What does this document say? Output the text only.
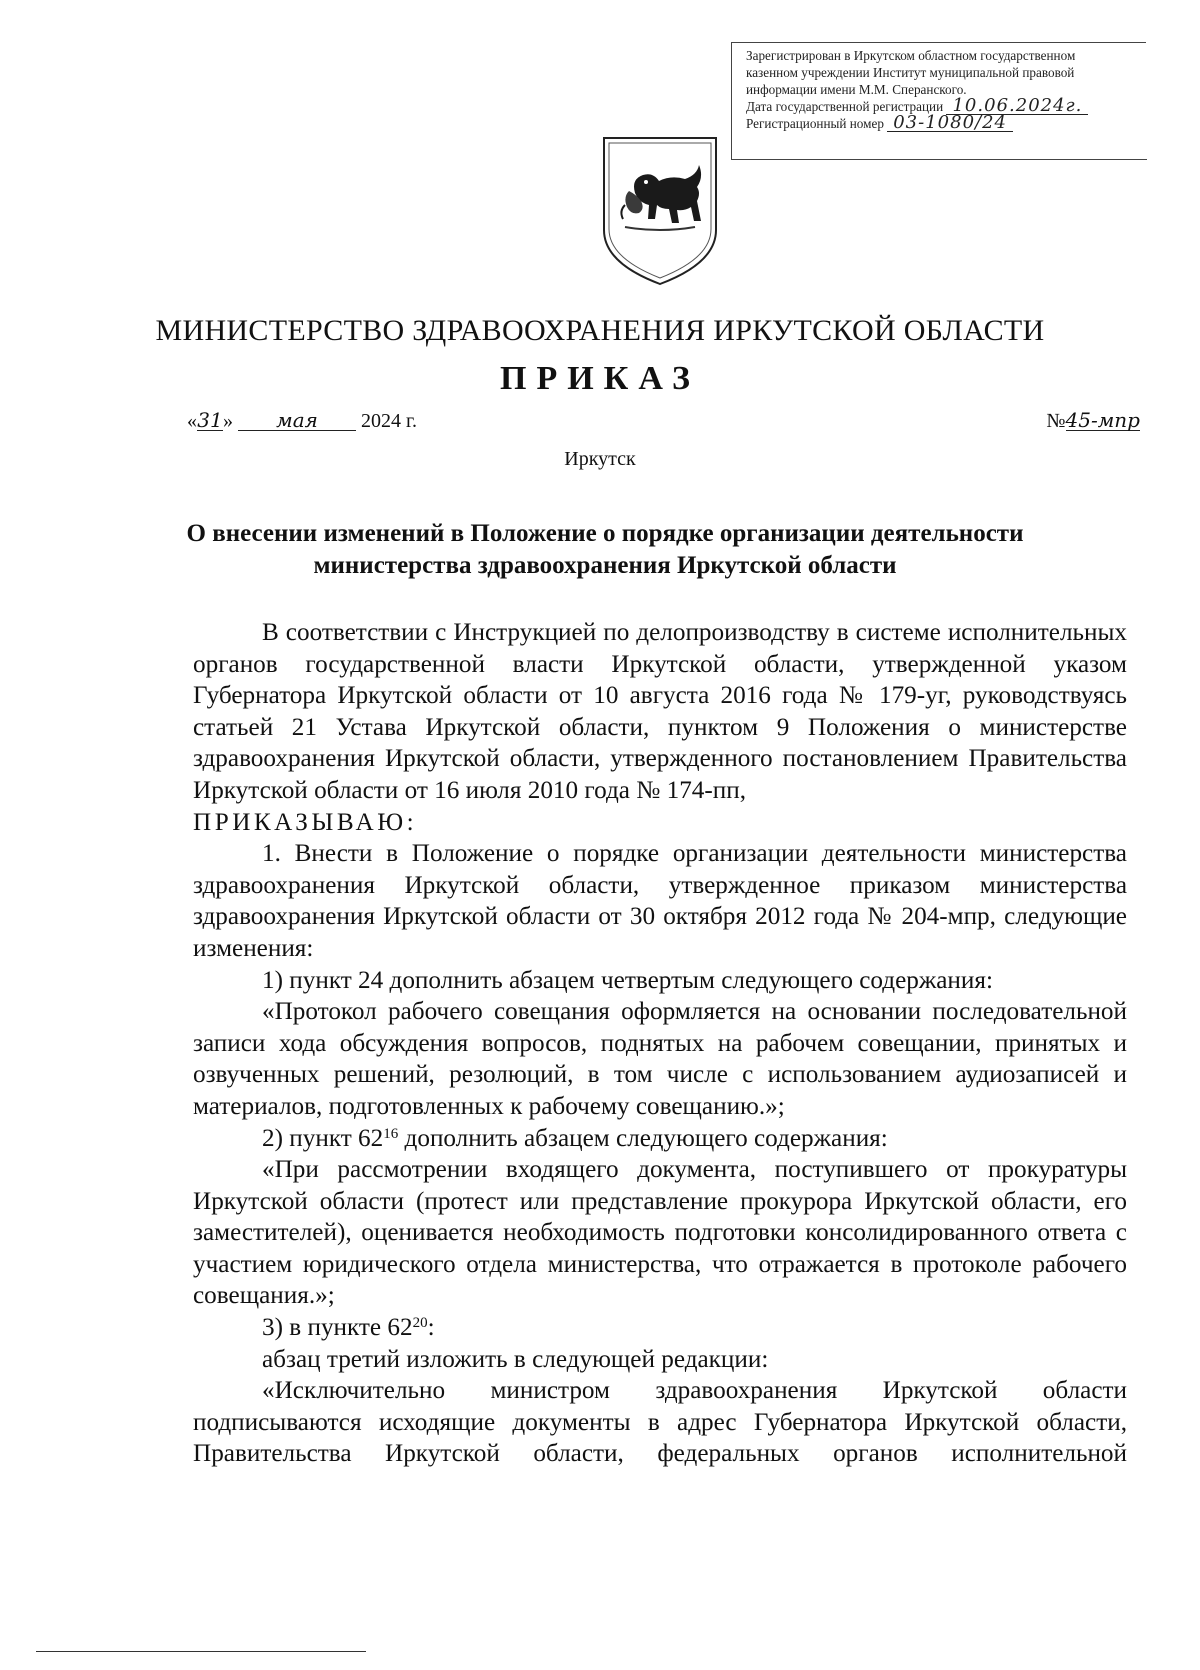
Зарегистрирован в Иркутском областном государственном
казенном учреждении Институт муниципальной правовой
информации имени М.М. Сперанского.
Дата государственной регистрации 10.06.2024г.
Регистрационный номер 03-1080/24
МИНИСТЕРСТВО ЗДРАВООХРАНЕНИЯ ИРКУТСКОЙ ОБЛАСТИ
ПРИКАЗ
«31» мая 2024 г.	№45-мпр
Иркутск
О внесении изменений в Положение о порядке организации деятельности
министерства здравоохранения Иркутской области

В соответствии с Инструкцией по делопроизводству в системе исполнительных органов государственной власти Иркутской области, утвержденной указом Губернатора Иркутской области от 10 августа 2016 года № 179-уг, руководствуясь статьей 21 Устава Иркутской области, пунктом 9 Положения о министерстве здравоохранения Иркутской области, утвержденного постановлением Правительства Иркутской области от 16 июля 2010 года № 174-пп,

ПРИКАЗЫВАЮ:

1. Внести в Положение о порядке организации деятельности министерства здравоохранения Иркутской области, утвержденное приказом министерства здравоохранения Иркутской области от 30 октября 2012 года № 204-мпр, следующие изменения:

1) пункт 24 дополнить абзацем четвертым следующего содержания:

«Протокол рабочего совещания оформляется на основании последовательной записи хода обсуждения вопросов, поднятых на рабочем совещании, принятых и озвученных решений, резолюций, в том числе с использованием аудиозаписей и материалов, подготовленных к рабочему совещанию.»;

2) пункт $62^{16}$ дополнить абзацем следующего содержания:

«При рассмотрении входящего документа, поступившего от прокуратуры Иркутской области (протест или представление прокурора Иркутской области, его заместителей), оценивается необходимость подготовки консолидированного ответа с участием юридического отдела министерства, что отражается в протоколе рабочего совещания.»;

3) в пункте $62^{20}$:

абзац третий изложить в следующей редакции:

«Исключительно министром здравоохранения Иркутской области подписываются исходящие документы в адрес Губернатора Иркутской области, Правительства Иркутской области, федеральных органов исполнительной
